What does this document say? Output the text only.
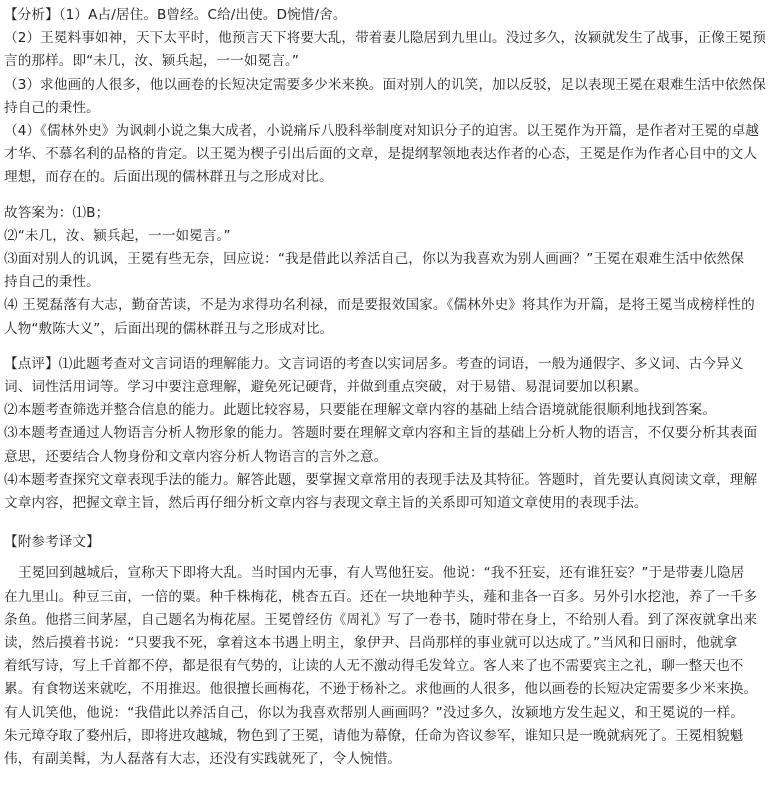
【分析】（1）A占/居住。B曾经。C给/出使。D惋惜/舍。
（2）王冕料事如神，天下太平时，他预言天下将要大乱，带着妻儿隐居到九里山。没过多久，汝颍就发生了战事，正像王冕预
言的那样。即“未几，汝、颍兵起，一一如冕言。”
（3）求他画的人很多，他以画卷的长短决定需要多少米来换。面对别人的讥笑，加以反驳，足以表现王冕在艰难生活中依然保
持自己的秉性。
（4）《儒林外史》为讽刺小说之集大成者，小说痛斥八股科举制度对知识分子的迫害。以王冕作为开篇，是作者对王冕的卓越
才华、不慕名利的品格的肯定。以王冕为楔子引出后面的文章，是提纲挈领地表达作者的心态，王冕是作为作者心目中的文人
理想，而存在的。后面出现的儒林群丑与之形成对比。
故答案为：⑴B；
⑵“未几，汝、颍兵起，一一如冕言。”
⑶面对别人的讥讽，王冕有些无奈，回应说：“我是借此以养活自己，你以为我喜欢为别人画画？”王冕在艰难生活中依然保
持自己的秉性。
⑷ 王冕磊落有大志，勤奋苦读，不是为求得功名利禄，而是要报效国家。《儒林外史》将其作为开篇，是将王冕当成榜样性的
人物“敷陈大义”，后面出现的儒林群丑与之形成对比。
【点评】⑴此题考查对文言词语的理解能力。文言词语的考查以实词居多。考查的词语，一般为通假字、多义词、古今异义
词、词性活用词等。学习中要注意理解，避免死记硬背，并做到重点突破，对于易错、易混词要加以积累。
⑵本题考查筛选并整合信息的能力。此题比较容易，只要能在理解文章内容的基础上结合语境就能很顺利地找到答案。
⑶本题考查通过人物语言分析人物形象的能力。答题时要在理解文章内容和主旨的基础上分析人物的语言，不仅要分析其表面
意思，还要结合人物身份和文章内容分析人物语言的言外之意。
⑷本题考查探究文章表现手法的能力。解答此题，要掌握文章常用的表现手法及其特征。答题时，首先要认真阅读文章，理解
文章内容，把握文章主旨，然后再仔细分析文章内容与表现文章主旨的关系即可知道文章使用的表现手法。
【附参考译文】
王冕回到越城后，宣称天下即将大乱。当时国内无事，有人骂他狂妄。他说：“我不狂妄，还有谁狂妄？”于是带妻儿隐居
在九里山。种豆三亩，一倍的粟。种千株梅花，桃杏五百。还在一块地种芋头，薤和韭各一百多。另外引水挖池，养了一千多
条鱼。他搭三间茅屋，自己题名为梅花屋。王冕曾经仿《周礼》写了一卷书，随时带在身上，不给别人看。到了深夜就拿出来
读，然后摸着书说：“只要我不死，拿着这本书遇上明主，象伊尹、吕尚那样的事业就可以达成了。”当风和日丽时，他就拿
着纸写诗，写上千首都不停，都是很有气势的，让读的人无不激动得毛发耸立。客人来了也不需要宾主之礼，聊一整天也不
累。有食物送来就吃，不用推迟。他很擅长画梅花，不逊于杨补之。求他画的人很多，他以画卷的长短决定需要多少米来换。
有人讥笑他，他说：“我借此以养活自己，你以为我喜欢帮别人画画吗？”没过多久，汝颍地方发生起义，和王冕说的一样。
朱元璋夺取了婺州后，即将进攻越城，物色到了王冕，请他为幕僚，任命为咨议参军，谁知只是一晚就病死了。王冕相貌魁
伟，有副美髯，为人磊落有大志，还没有实践就死了，令人惋惜。
